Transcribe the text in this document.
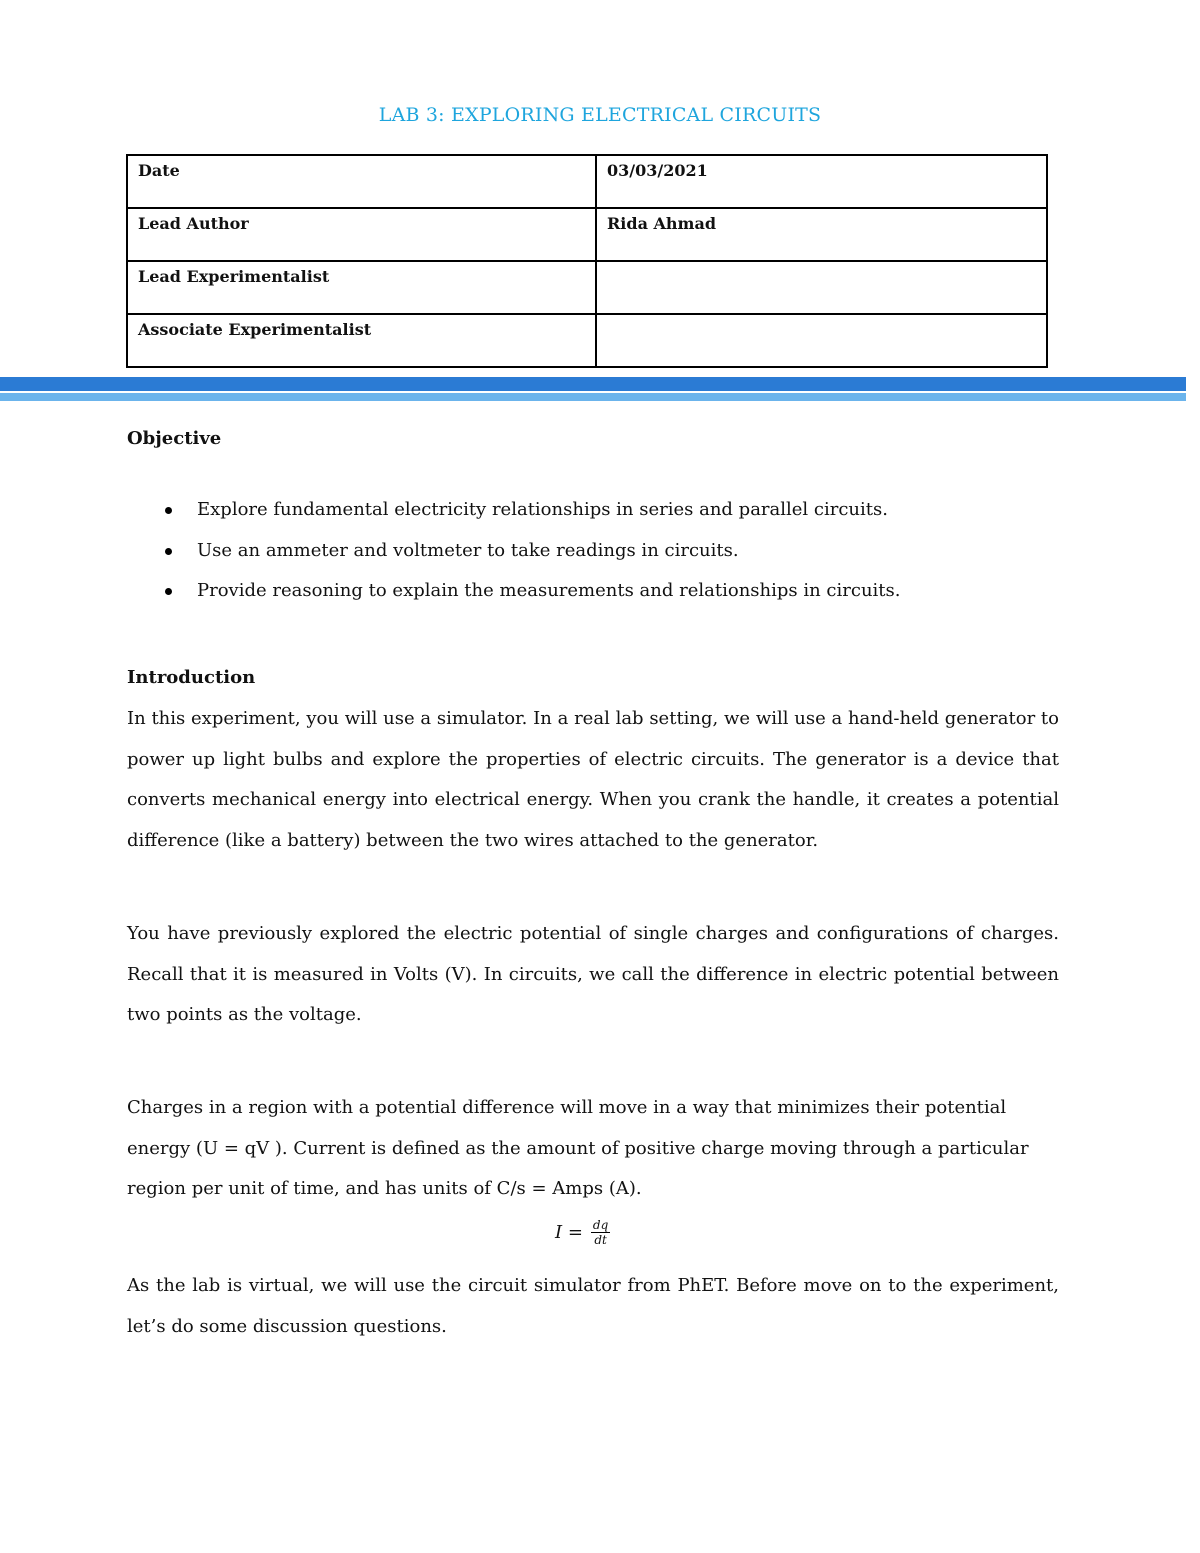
LAB 3: EXPLORING ELECTRICAL CIRCUITS
Date	03/03/2021
Lead Author	Rida Ahmad
Lead Experimentalist	
Associate Experimentalist	
Objective
Explore fundamental electricity relationships in series and parallel circuits.
Use an ammeter and voltmeter to take readings in circuits.
Provide reasoning to explain the measurements and relationships in circuits.
Introduction

In this experiment, you will use a simulator. In a real lab setting, we will use a hand-held generator to power up light bulbs and explore the properties of electric circuits. The generator is a device that converts mechanical energy into electrical energy. When you crank the handle, it creates a potential difference (like a battery) between the two wires attached to the generator.

You have previously explored the electric potential of single charges and configurations of charges. Recall that it is measured in Volts (V). In circuits, we call the difference in electric potential between two points as the voltage.

Charges in a region with a potential difference will move in a way that minimizes their potential energy (U = qV ). Current is defined as the amount of positive charge moving through a particular region per unit of time, and has units of C/s = Amps (A).

$I = \frac{dq}{dt}$

As the lab is virtual, we will use the circuit simulator from PhET. Before move on to the experiment, let’s do some discussion questions.
